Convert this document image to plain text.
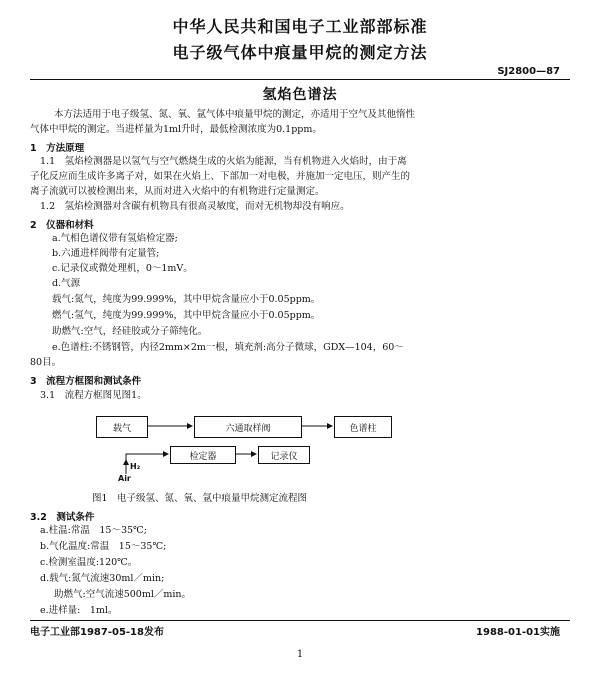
中华人民共和国电子工业部部标准
电子级气体中痕量甲烷的测定方法
SJ2800—87
氢焰色谱法
本方法适用于电子级氢、氮、氧、氩气体中痕量甲烷的测定，亦适用于空气及其他惰性
气体中甲烷的测定。当进样量为1ml升时，最低检测浓度为0.1ppm。
1　方法原理
1.1　氢焰检测器是以氢气与空气燃烧生成的火焰为能源，当有机物进入火焰时，由于离
子化反应而生成许多离子对，如果在火焰上、下部加一对电极，并施加一定电压，则产生的
离子流就可以被检测出来，从而对进入火焰中的有机物进行定量测定。
1.2　氢焰检测器对含碳有机物具有很高灵敏度，而对无机物却没有响应。
2　仪器和材料
a.气相色谱仪带有氢焰检定器;
b.六通进样阀带有定量管;
c.记录仪或微处理机，0～1mV。
d.气源
载气:氮气，纯度为99.999%，其中甲烷含量应小于0.05ppm。
燃气:氢气，纯度为99.999%，其中甲烷含量应小于0.05ppm。
助燃气:空气，经硅胶或分子筛纯化。
e.色谱柱:不锈钢管，内径2mm×2m一根，填充剂:高分子微球，GDX—104，60～
80目。
3　流程方框图和测试条件
3.1　流程方框图见图1。
载气	六通取样阀	色谱柱
检定器	记录仪
H₂
Air
图1　电子级氢、氮、氧、氩中痕量甲烷测定流程图
3.2　测试条件
a.柱温:常温　15～35℃;
b.气化温度:常温　15～35℃;
c.检测室温度:120℃。
d.载气:氮气流速30ml／min;
助燃气:空气流速500ml／min。
e.进样量:　1ml。
电子工业部1987-05-18发布	1988-01-01实施
1
